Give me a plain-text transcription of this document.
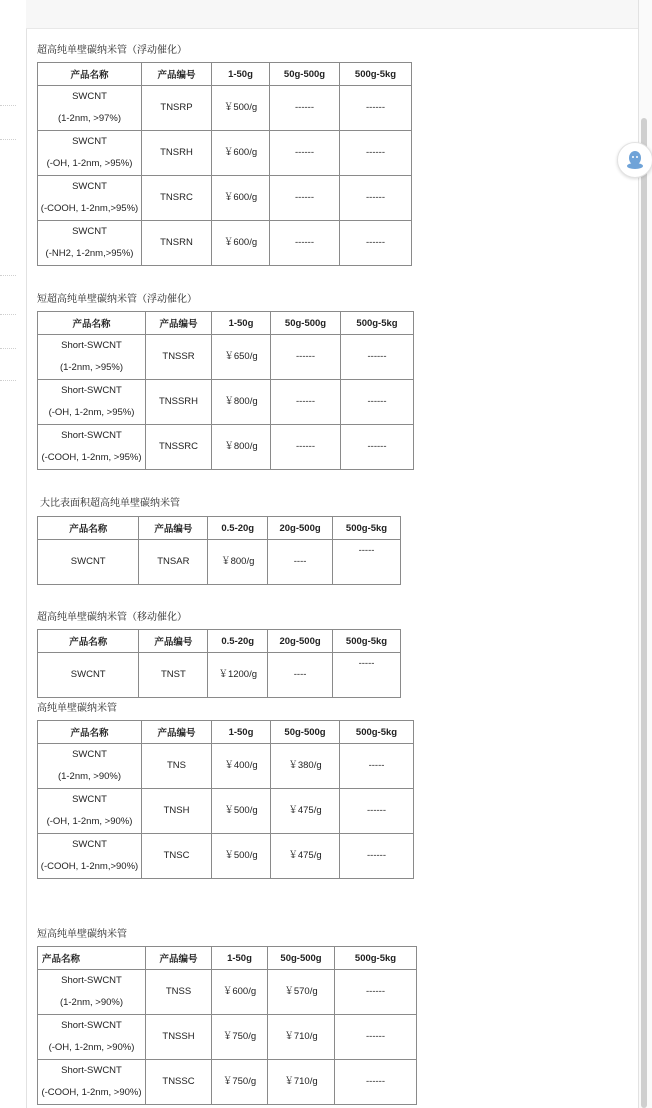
超高纯单壁碳纳米管（浮动催化）
产品名称	产品编号	1-50g	50g-500g	500g-5kg

SWCNT
(1-2nm, >97%)	TNSRP	￥500/g	------	------

SWCNT
(-OH, 1-2nm, >95%)	TNSRH	￥600/g	------	------

SWCNT
(-COOH, 1-2nm,>95%)	TNSRC	￥600/g	------	------

SWCNT
(-NH2, 1-2nm,>95%)	TNSRN	￥600/g	------	------
短超高纯单壁碳纳米管（浮动催化）
产品名称	产品编号	1-50g	50g-500g	500g-5kg

Short-SWCNT
(1-2nm, >95%)	TNSSR	￥650/g	------	------

Short-SWCNT
(-OH, 1-2nm, >95%)	TNSSRH	￥800/g	------	------

Short-SWCNT
(-COOH, 1-2nm, >95%)	TNSSRC	￥800/g	------	------
大比表面积超高纯单壁碳纳米管
产品名称	产品编号	0.5-20g	20g-500g	500g-5kg
SWCNT	TNSAR	￥800/g	----	-----
超高纯单壁碳纳米管（移动催化）
产品名称	产品编号	0.5-20g	20g-500g	500g-5kg
SWCNT	TNST	￥1200/g	----	-----
高纯单壁碳纳米管
产品名称	产品编号	1-50g	50g-500g	500g-5kg

SWCNT
(1-2nm, >90%)	TNS	￥400/g	￥380/g	-----

SWCNT
(-OH, 1-2nm, >90%)	TNSH	￥500/g	￥475/g	------

SWCNT
(-COOH, 1-2nm,>90%)	TNSC	￥500/g	￥475/g	------
短高纯单壁碳纳米管
产品名称	产品编号	1-50g	50g-500g	500g-5kg

Short-SWCNT
(1-2nm, >90%)	TNSS	￥600/g	￥570/g	------

Short-SWCNT
(-OH, 1-2nm, >90%)	TNSSH	￥750/g	￥710/g	------

Short-SWCNT
(-COOH, 1-2nm, >90%)	TNSSC	￥750/g	￥710/g	------
